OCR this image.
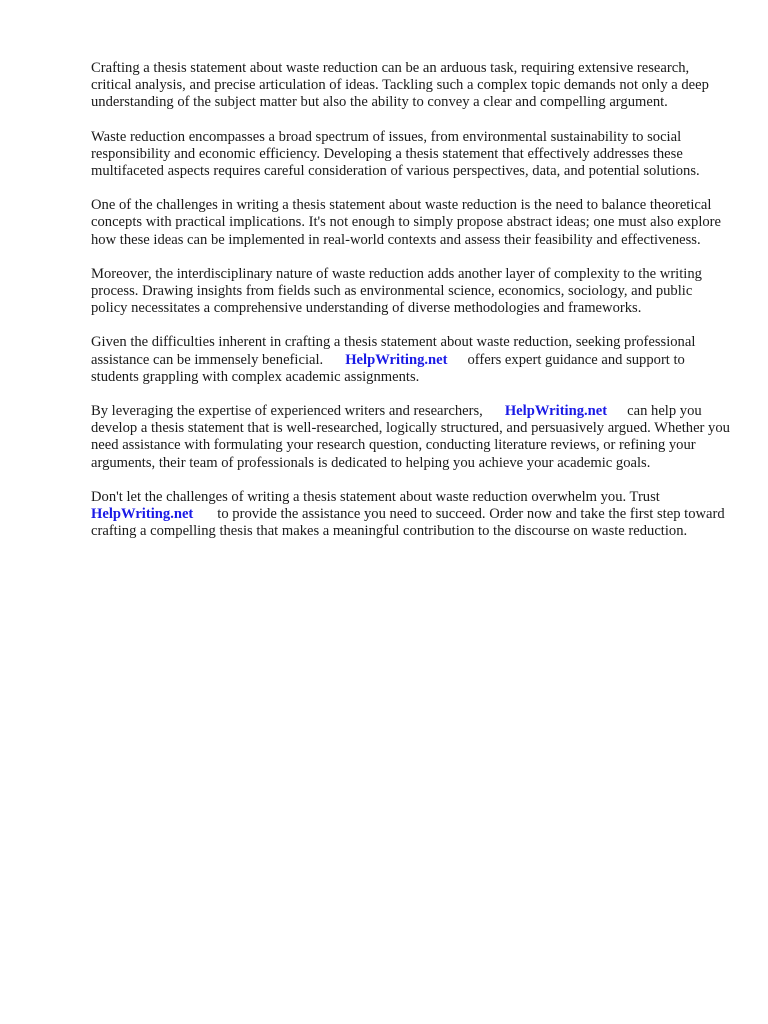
Crafting a thesis statement about waste reduction can be an arduous task, requiring extensive research, critical analysis, and precise articulation of ideas. Tackling such a complex topic demands not only a deep understanding of the subject matter but also the ability to convey a clear and compelling argument.

Waste reduction encompasses a broad spectrum of issues, from environmental sustainability to social responsibility and economic efficiency. Developing a thesis statement that effectively addresses these multifaceted aspects requires careful consideration of various perspectives, data, and potential solutions.

One of the challenges in writing a thesis statement about waste reduction is the need to balance theoretical concepts with practical implications. It's not enough to simply propose abstract ideas; one must also explore how these ideas can be implemented in real-world contexts and assess their feasibility and effectiveness.

Moreover, the interdisciplinary nature of waste reduction adds another layer of complexity to the writing process. Drawing insights from fields such as environmental science, economics, sociology, and public policy necessitates a comprehensive understanding of diverse methodologies and frameworks.

Given the difficulties inherent in crafting a thesis statement about waste reduction, seeking professional assistance can be immensely beneficial. HelpWriting.net offers expert guidance and support to students grappling with complex academic assignments.

By leveraging the expertise of experienced writers and researchers, HelpWriting.net can help you develop a thesis statement that is well-researched, logically structured, and persuasively argued. Whether you need assistance with formulating your research question, conducting literature reviews, or refining your arguments, their team of professionals is dedicated to helping you achieve your academic goals.

Don't let the challenges of writing a thesis statement about waste reduction overwhelm you. Trust HelpWriting.net to provide the assistance you need to succeed. Order now and take the first step toward crafting a compelling thesis that makes a meaningful contribution to the discourse on waste reduction.
